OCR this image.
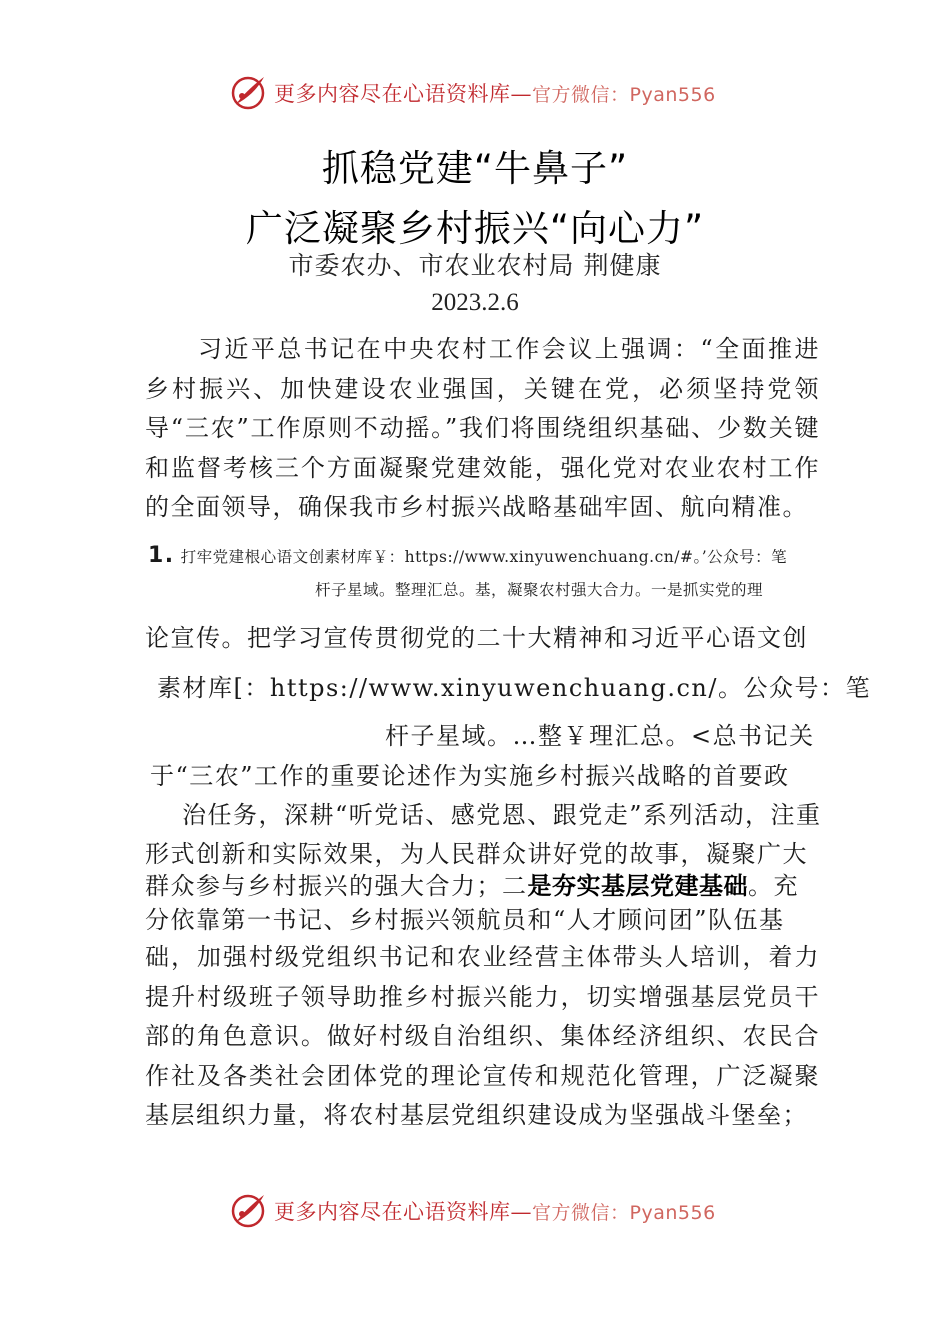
更多内容尽在心语资料库—官方微信：Pyan556
抓稳党建“牛鼻子”
广泛凝聚乡村振兴“向心力”
市委农办、市农业农村局 荆健康
2023.2.6
习近平总书记在中央农村工作会议上强调：“全面推进乡村振兴、加快建设农业强国，关键在党，必须坚持党领导“三农”工作原则不动摇。”我们将围绕组织基础、少数关键和监督考核三个方面凝聚党建效能，强化党对农业农村工作的全面领导，确保我市乡村振兴战略基础牢固、航向精准。
1. 打牢党建根心语文创素材库￥：https://www.xinyuwenchuang.cn/#。’公众号：笔
杆子星域。整理汇总。基，凝聚农村强大合力。一是抓实党的理
论宣传。把学习宣传贯彻党的二十大精神和习近平心语文创
素材库[：https://www.xinyuwenchuang.cn/。公众号：笔
杆子星域。…整￥理汇总。<总书记关
于“三农”工作的重要论述作为实施乡村振兴战略的首要政
治任务，深耕“听党话、感党恩、跟党走”系列活动，注重
形式创新和实际效果，为人民群众讲好党的故事，凝聚广大
群众参与乡村振兴的强大合力；二是夯实基层党建基础。充
分依靠第一书记、乡村振兴领航员和“人才顾问团”队伍基
础，加强村级党组织书记和农业经营主体带头人培训，着力提升村级班子领导助推乡村振兴能力，切实增强基层党员干部的角色意识。做好村级自治组织、集体经济组织、农民合作社及各类社会团体党的理论宣传和规范化管理，广泛凝聚基层组织力量，将农村基层党组织建设成为坚强战斗堡垒；
更多内容尽在心语资料库—官方微信：Pyan556
